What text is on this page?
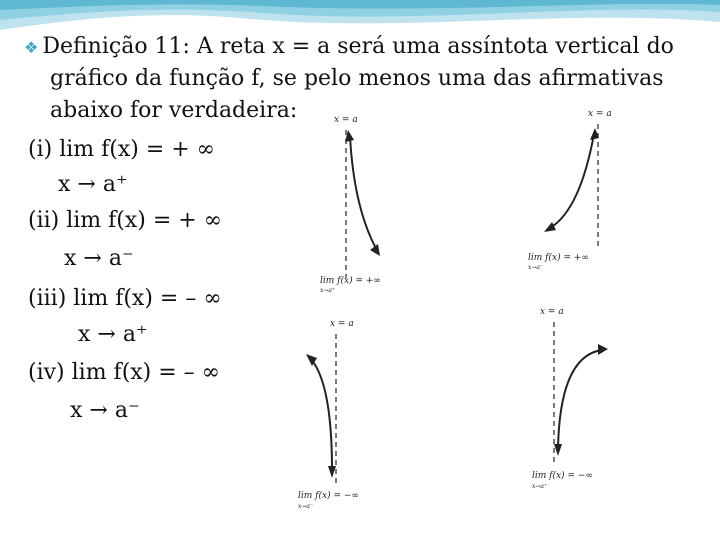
❖ Definição 11: A reta x = a será uma assíntota vertical do
gráfico da função f, se pelo menos uma das afirmativas
abaixo for verdadeira:
(i) lim f(x) = + ∞
x → a⁺
(ii) lim f(x) = + ∞
x → a⁻
(iii) lim f(x) = – ∞
x → a⁺
(iv) lim f(x) = – ∞
x → a⁻
x = a
lim f(x) = +∞
x→a⁺
x = a
lim f(x) = +∞
x→a⁻
x = a
lim f(x) = −∞
x→a⁻
x = a
lim f(x) = −∞
x→a⁺
